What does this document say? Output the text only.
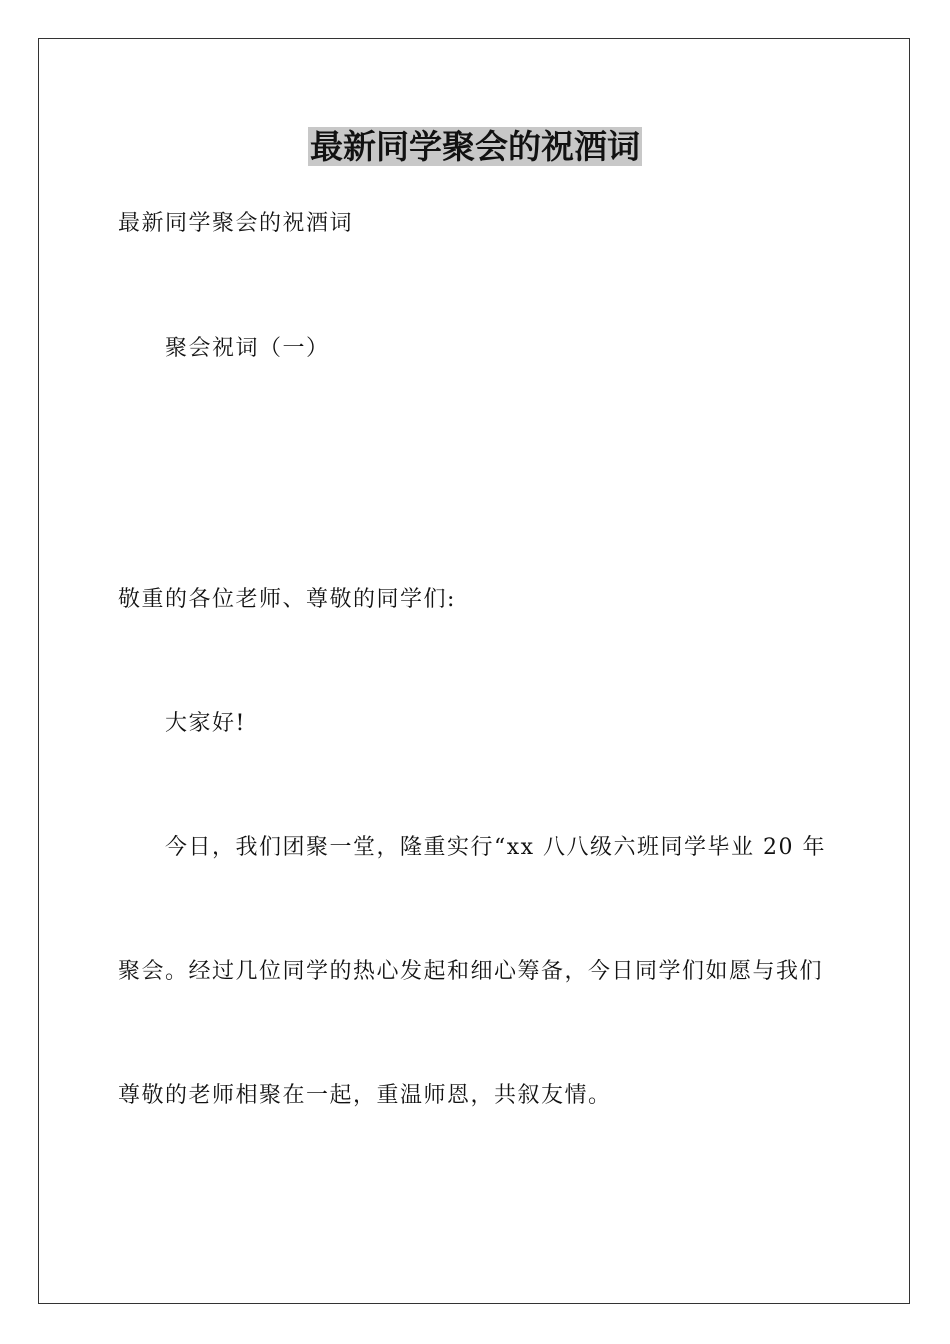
最新同学聚会的祝酒词

最新同学聚会的祝酒词

聚会祝词（一）

敬重的各位老师、尊敬的同学们:

大家好!

今日，我们团聚一堂，隆重实行“xx 八八级六班同学毕业 20 年

聚会。经过几位同学的热心发起和细心筹备，今日同学们如愿与我们

尊敬的老师相聚在一起，重温师恩，共叙友情。
